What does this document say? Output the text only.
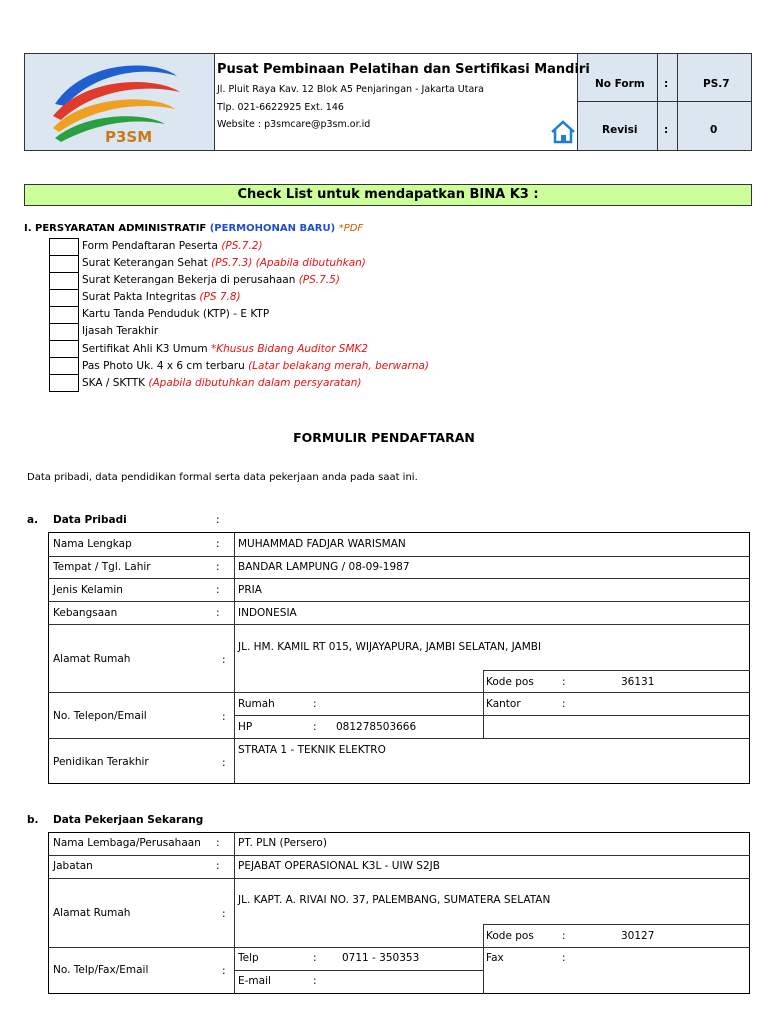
P3SM
Pusat Pembinaan Pelatihan dan Sertifikasi Mandiri
Jl. Pluit Raya Kav. 12 Blok A5 Penjaringan - Jakarta Utara
Tlp. 021-6622925 Ext. 146
Website : p3smcare@p3sm.or.id
No Form :	PS.7
Revisi	:	0
Check List untuk mendapatkan BINA K3 :
I. PERSYARATAN ADMINISTRATIF (PERMOHONAN BARU) *PDF
Form Pendaftaran Peserta (PS.7.2)
Surat Keterangan Sehat (PS.7.3) (Apabila dibutuhkan)
Surat Keterangan Bekerja di perusahaan (PS.7.5)
Surat Pakta Integritas (PS 7.8)
Kartu Tanda Penduduk (KTP) - E KTP
Ijasah Terakhir
Sertifikat Ahli K3 Umum *Khusus Bidang Auditor SMK2
Pas Photo Uk. 4 x 6 cm terbaru (Latar belakang merah, berwarna)
SKA / SKTTK (Apabila dibutuhkan dalam persyaratan)
FORMULIR PENDAFTARAN
Data pribadi, data pendidikan formal serta data pekerjaan anda pada saat ini.
a. Data Pribadi	:
Nama Lengkap	: MUHAMMAD FADJAR WARISMAN
Tempat / Tgl. Lahir	: BANDAR LAMPUNG / 08-09-1987
Jenis Kelamin	: PRIA
Kebangsaan	: INDONESIA
Alamat Rumah	:
JL. HM. KAMIL RT 015, WIJAYAPURA, JAMBI SELATAN, JAMBI
Kode pos	:	36131
No. Telepon/Email	:
Rumah	:	Kantor	:
HP	: 081278503666
Penidikan Terakhir	:
STRATA 1 - TEKNIK ELEKTRO
b. Data Pekerjaan Sekarang
Nama Lembaga/Perusahaan : PT. PLN (Persero)
Jabatan	: PEJABAT OPERASIONAL K3L - UIW S2JB
Alamat Rumah	:
JL. KAPT. A. RIVAI NO. 37, PALEMBANG, SUMATERA SELATAN
Kode pos	:	30127
No. Telp/Fax/Email	:
Telp	: 0711 - 350353	Fax	:
E-mail	:
